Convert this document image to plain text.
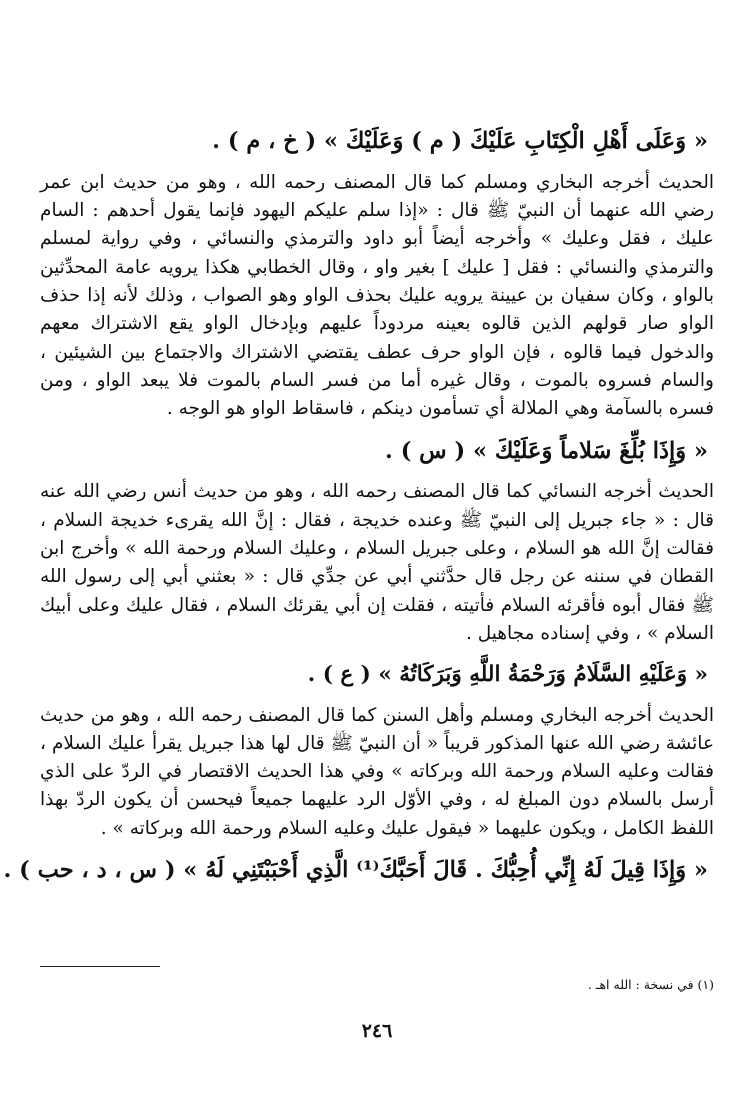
« وَعَلَى أَهْلِ الْكِتَابِ عَلَيْكَ ( م ) وَعَلَيْكَ » ( خ ، م ) .

الحديث أخرجه البخاري ومسلم كما قال المصنف رحمه الله ، وهو من حديث ابن عمر رضي الله عنهما أن النبيّ ﷺ قال : «إذا سلم عليكم اليهود فإنما يقول أحدهم : السام عليك ، فقل وعليك » وأخرجه أيضاً أبو داود والترمذي والنسائي ، وفي رواية لمسلم والترمذي والنسائي : فقل [ عليك ] بغير واو ، وقال الخطابي هكذا يرويه عامة المحدِّثين بالواو ، وكان سفيان بن عيينة يرويه عليك بحذف الواو وهو الصواب ، وذلك لأنه إذا حذف الواو صار قولهم الذين قالوه بعينه مردوداً عليهم وبإدخال الواو يقع الاشتراك معهم والدخول فيما قالوه ، فإن الواو حرف عطف يقتضي الاشتراك والاجتماع بين الشيئين ، والسام فسروه بالموت ، وقال غيره أما من فسر السام بالموت فلا يبعد الواو ، ومن فسره بالسآمة وهي الملالة أي تسأمون دينكم ، فاسقاط الواو هو الوجه .

« وَإِذَا بُلِّغَ سَلاماً وَعَلَيْكَ » ( س ) .

الحديث أخرجه النسائي كما قال المصنف رحمه الله ، وهو من حديث أنس رضي الله عنه قال : « جاء جبريل إلى النبيّ ﷺ وعنده خديجة ، فقال : إنَّ الله يقرىء خديجة السلام ، فقالت إنَّ الله هو السلام ، وعلى جبريل السلام ، وعليك السلام ورحمة الله » وأخرج ابن القطان في سننه عن رجل قال حدَّثني أبي عن جدِّي قال : « بعثني أبي إلى رسول الله ﷺ فقال أبوه فأقرئه السلام فأتيته ، فقلت إن أبي يقرئك السلام ، فقال عليك وعلى أبيك السلام » ، وفي إسناده مجاهيل .

« وَعَلَيْهِ السَّلَامُ وَرَحْمَةُ اللَّهِ وَبَرَكَاتُهُ » ( ع ) .

الحديث أخرجه البخاري ومسلم وأهل السنن كما قال المصنف رحمه الله ، وهو من حديث عائشة رضي الله عنها المذكور قريباً « أن النبيّ ﷺ قال لها هذا جبريل يقرأ عليك السلام ، فقالت وعليه السلام ورحمة الله وبركاته » وفي هذا الحديث الاقتصار في الردّ على الذي أرسل بالسلام دون المبلغ له ، وفي الأوّل الرد عليهما جميعاً فيحسن أن يكون الردّ بهذا اللفظ الكامل ، ويكون عليهما « فيقول عليك وعليه السلام ورحمة الله وبركاته » .

« وَإِذَا قِيلَ لَهُ إِنِّي أُحِبُّكَ . قَالَ أَحَبَّكَ⁽¹⁾ الَّذِي أَحْبَبْتَنِي لَهُ » ( س ، د ، حب ) .
(١) في نسخة : الله اهـ .
٢٤٦
